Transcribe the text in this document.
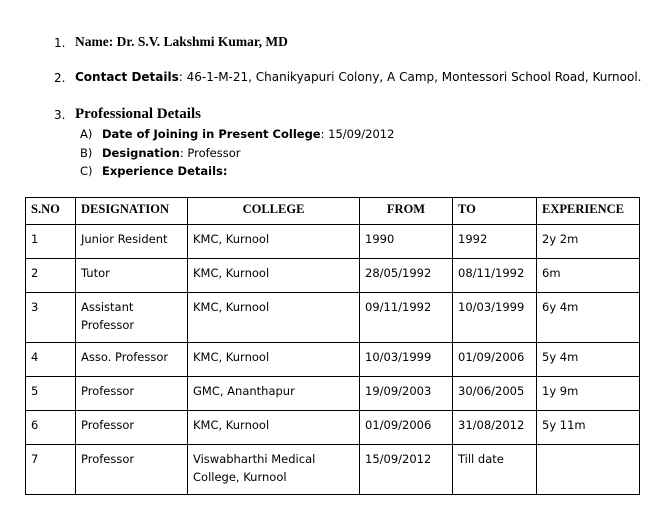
1. Name: Dr. S.V. Lakshmi Kumar, MD
2. Contact Details: 46-1-M-21, Chanikyapuri Colony, A Camp, Montessori School Road, Kurnool.
3. Professional Details
A) Date of Joining in Present College: 15/09/2012
B) Designation: Professor
C) Experience Details:
S.NO	DESIGNATION	COLLEGE	FROM	TO	EXPERIENCE
1	Junior Resident	KMC, Kurnool	1990	1992	2y 2m
2	Tutor	KMC, Kurnool	28/05/1992	08/11/1992	6m
3	Assistant Professor	KMC, Kurnool	09/11/1992	10/03/1999	6y 4m
4	Asso. Professor	KMC, Kurnool	10/03/1999	01/09/2006	5y 4m
5	Professor	GMC, Ananthapur	19/09/2003	30/06/2005	1y 9m
6	Professor	KMC, Kurnool	01/09/2006	31/08/2012	5y 11m
7	Professor	Viswabharthi Medical College, Kurnool	15/09/2012	Till date	
